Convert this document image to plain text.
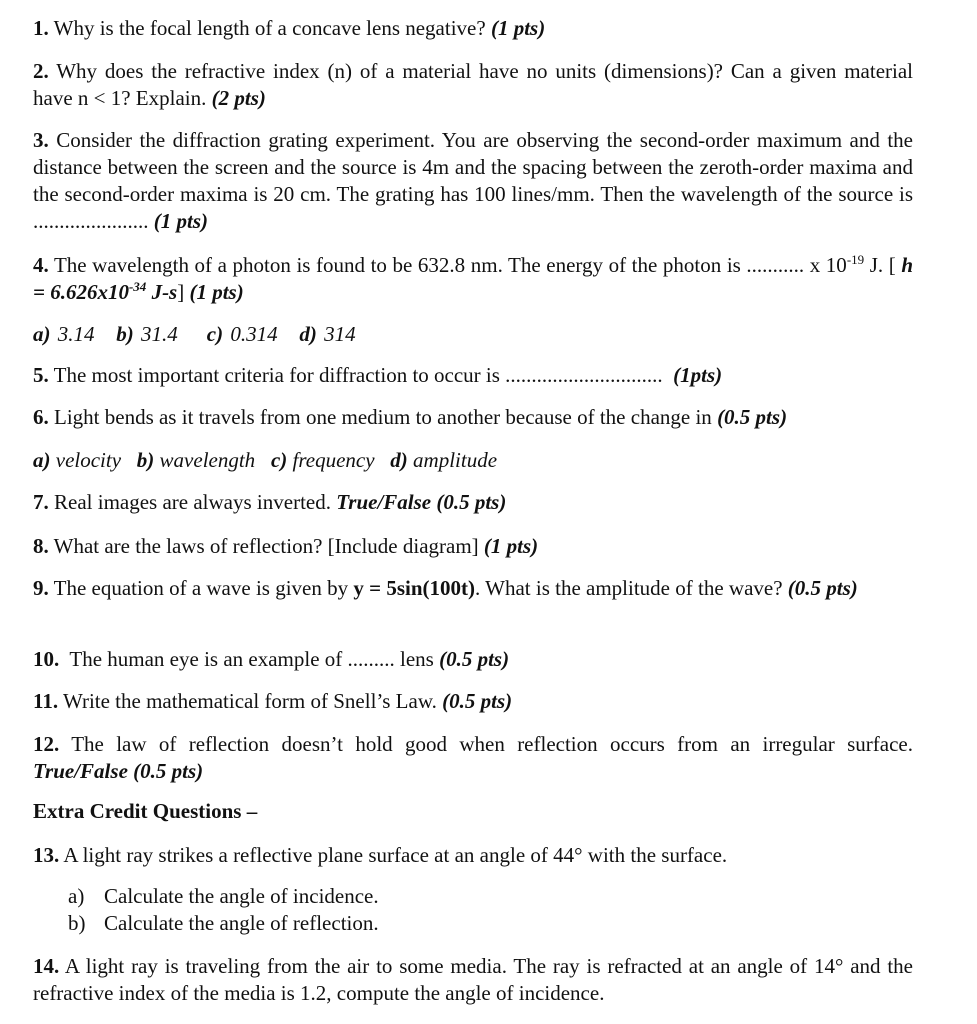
1. Why is the focal length of a concave lens negative? (1 pts)
2. Why does the refractive index (n) of a material have no units (dimensions)? Can a given material have n < 1? Explain. (2 pts)
3. Consider the diffraction grating experiment. You are observing the second-order maximum and the distance between the screen and the source is 4m and the spacing between the zeroth-order maxima and the second-order maxima is 20 cm. The grating has 100 lines/mm. Then the wavelength of the source is ...................... (1 pts)
4. The wavelength of a photon is found to be 632.8 nm. The energy of the photon is ........... x $10^{-19}$ J. [ $h = 6.626x10^{-34}$ J-s] (1 pts)
a) 3.14   b) 31.4    c) 0.314   d) 314
5. The most important criteria for diffraction to occur is ..............................  (1pts)
6. Light bends as it travels from one medium to another because of the change in (0.5 pts)
a) velocity   b) wavelength   c) frequency   d) amplitude
7. Real images are always inverted. True/False (0.5 pts)
8. What are the laws of reflection? [Include diagram] (1 pts)
9. The equation of a wave is given by y = 5sin(100t). What is the amplitude of the wave? (0.5 pts)
10.  The human eye is an example of ......... lens (0.5 pts)
11. Write the mathematical form of Snell’s Law. (0.5 pts)
12. The law of reflection doesn’t hold good when reflection occurs from an irregular surface. True/False (0.5 pts)
Extra Credit Questions –
13. A light ray strikes a reflective plane surface at an angle of 44° with the surface.
a) Calculate the angle of incidence.
b) Calculate the angle of reflection.
14. A light ray is traveling from the air to some media. The ray is refracted at an angle of 14° and the refractive index of the media is 1.2, compute the angle of incidence.
